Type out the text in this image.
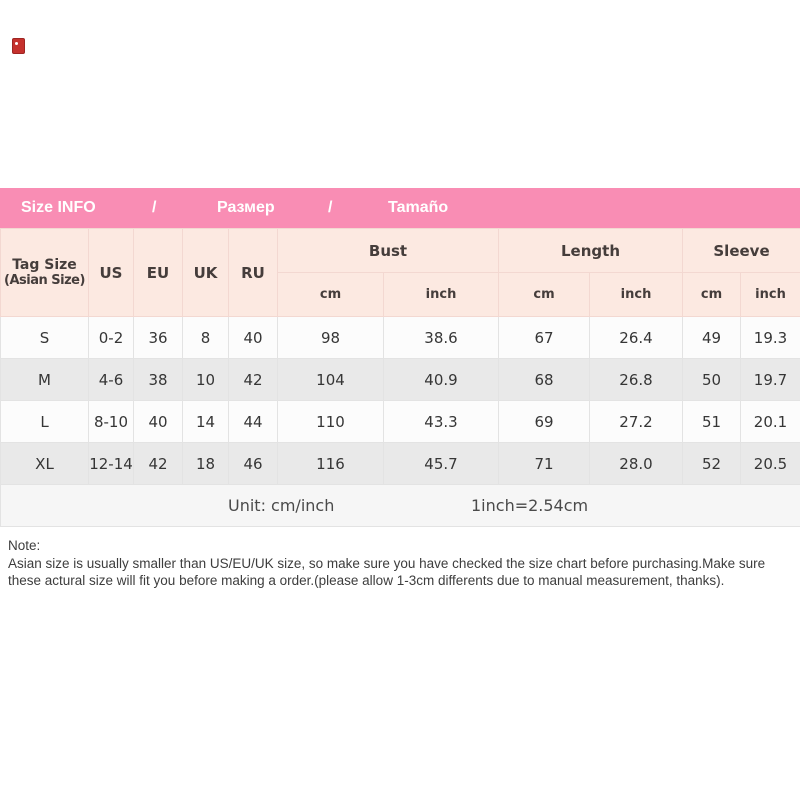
Size INFO	/	Размер	/	Tamaño
Tag Size
(Asian Size)	US	EU	UK	RU	Bust		Length		Sleeve	
					cm	inch	cm	inch	cm	inch
S	0-2	36	8	40	98	38.6	67	26.4	49	19.3
M	4-6	38	10	42	104	40.9	68	26.8	50	19.7
L	8-10	40	14	44	110	43.3	69	27.2	51	20.1
XL	12-14	42	18	46	116	45.7	71	28.0	52	20.5

Unit: cm/inch 1inch=2.54cm										
Note:
Asian size is usually smaller than US/EU/UK size, so make sure you have checked the size chart before purchasing.Make sure these actural size will fit you before making a order.(please allow 1-3cm differents due to manual measurement, thanks).
